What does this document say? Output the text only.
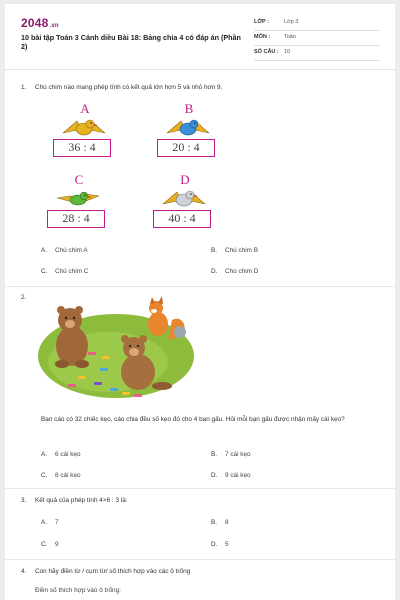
2048.vn
10 bài tập Toán 3 Cánh diều Bài 18: Bảng chia 4 có đáp án (Phần 2)
LỚP :	Lớp 3
MÔN :	Toán
SỐ CÂU : 10
1. Chú chim nào mang phép tính có kết quả lớn hơn 5 và nhỏ hơn 9.
A
36 : 4
B
20 : 4
C
28 : 4
D
40 : 4
A. Chú chim A	B. Chú chim B
C. Chú chim C	D. Chú chim D
2.
Bạn cáo có 32 chiếc kẹo, cáo chia đều số kẹo đó cho 4 bạn gấu. Hỏi mỗi bạn gấu được nhận mấy cái kẹo?
A. 6 cái kẹo	B. 7 cái kẹo
C. 8 cái kẹo	D. 9 cái kẹo
3. Kết quả của phép tính 4×6 : 3 là:
A. 7	B. 8
C. 9	D. 5
4. Con hãy điền từ / cụm từ/ số thích hợp vào các ô trống
Điền số thích hợp vào ô trống:
